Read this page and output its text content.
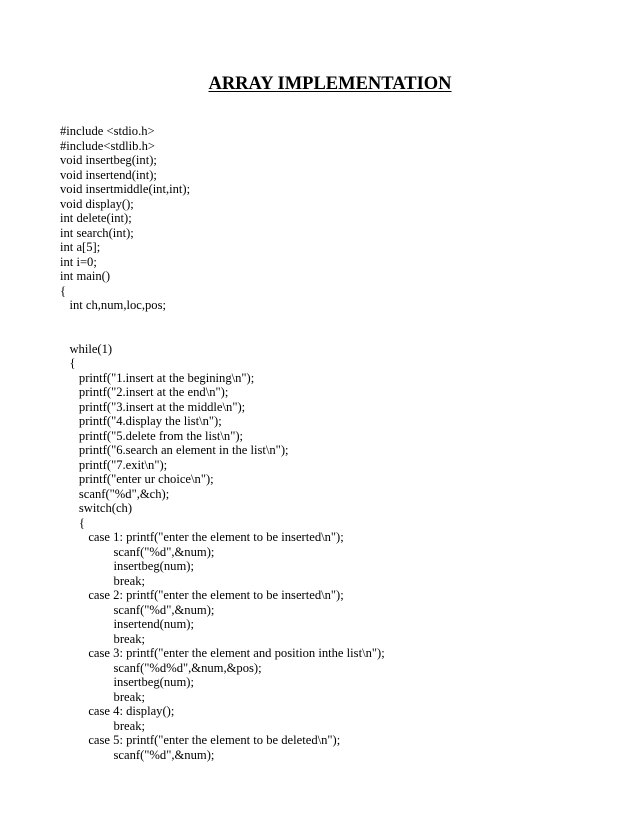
ARRAY IMPLEMENTATION
#include <stdio.h>
#include<stdlib.h>
void insertbeg(int);
void insertend(int);
void insertmiddle(int,int);
void display();
int delete(int);
int search(int);
int a[5];
int i=0;
int main()
{
int ch,num,loc,pos;
while(1)
{
printf("1.insert at the begining\n");
printf("2.insert at the end\n");
printf("3.insert at the middle\n");
printf("4.display the list\n");
printf("5.delete from the list\n");
printf("6.search an element in the list\n");
printf("7.exit\n");
printf("enter ur choice\n");
scanf("%d",&ch);
switch(ch)
{
case 1: printf("enter the element to be inserted\n");
scanf("%d",&num);
insertbeg(num);
break;
case 2: printf("enter the element to be inserted\n");
scanf("%d",&num);
insertend(num);
break;
case 3: printf("enter the element and position inthe list\n");
scanf("%d%d",&num,&pos);
insertbeg(num);
break;
case 4: display();
break;
case 5: printf("enter the element to be deleted\n");
scanf("%d",&num);
